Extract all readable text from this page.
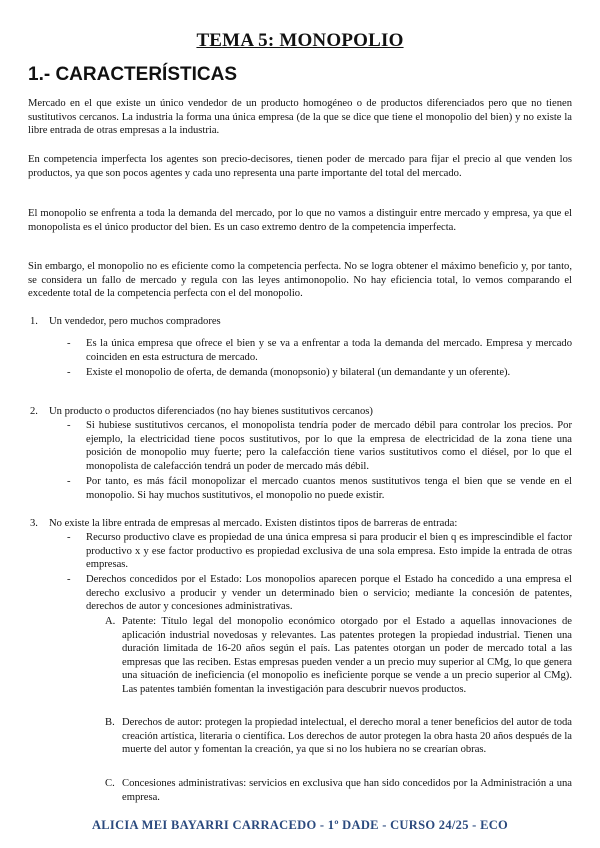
TEMA 5: MONOPOLIO
1.- CARACTERÍSTICAS
Mercado en el que existe un único vendedor de un producto homogéneo o de productos diferenciados pero que no tienen sustitutivos cercanos. La industria la forma una única empresa (de la que se dice que tiene el monopolio del bien) y no existe la libre entrada de otras empresas a la industria.
En competencia imperfecta los agentes son precio-decisores, tienen poder de mercado para fijar el precio al que venden los productos, ya que son pocos agentes y cada uno representa una parte importante del total del mercado.
El monopolio se enfrenta a toda la demanda del mercado, por lo que no vamos a distinguir entre mercado y empresa, ya que el monopolista es el único productor del bien. Es un caso extremo dentro de la competencia imperfecta.
Sin embargo, el monopolio no es eficiente como la competencia perfecta. No se logra obtener el máximo beneficio y, por tanto, se considera un fallo de mercado y regula con las leyes antimonopolio. No hay eficiencia total, lo vemos comparando el excedente total de la competencia perfecta con el del monopolio.
1. Un vendedor, pero muchos compradores
- Es la única empresa que ofrece el bien y se va a enfrentar a toda la demanda del mercado. Empresa y mercado coinciden en esta estructura de mercado.
- Existe el monopolio de oferta, de demanda (monopsonio) y bilateral (un demandante y un oferente).
2. Un producto o productos diferenciados (no hay bienes sustitutivos cercanos)
- Si hubiese sustitutivos cercanos, el monopolista tendría poder de mercado débil para controlar los precios. Por ejemplo, la electricidad tiene pocos sustitutivos, por lo que la empresa de electricidad de la zona tiene una posición de monopolio muy fuerte; pero la calefacción tiene varios sustitutivos como el diésel, por lo que el monopolista de calefacción tendrá un poder de mercado más débil.
- Por tanto, es más fácil monopolizar el mercado cuantos menos sustitutivos tenga el bien que se vende en el monopolio. Si hay muchos sustitutivos, el monopolio no puede existir.
3. No existe la libre entrada de empresas al mercado. Existen distintos tipos de barreras de entrada:
- Recurso productivo clave es propiedad de una única empresa si para producir el bien q es imprescindible el factor productivo x y ese factor productivo es propiedad exclusiva de una sola empresa. Esto impide la entrada de otras empresas.
- Derechos concedidos por el Estado: Los monopolios aparecen porque el Estado ha concedido a una empresa el derecho exclusivo a producir y vender un determinado bien o servicio; mediante la concesión de patentes, derechos de autor y concesiones administrativas.
A. Patente: Título legal del monopolio económico otorgado por el Estado a aquellas innovaciones de aplicación industrial novedosas y relevantes. Las patentes protegen la propiedad industrial. Tienen una duración limitada de 16-20 años según el país. Las patentes otorgan un poder de mercado total a las empresas que las reciben. Estas empresas pueden vender a un precio muy superior al CMg, lo que genera una situación de ineficiencia (el monopolio es ineficiente porque se vende a un precio superior al CMg). Las patentes también fomentan la investigación para descubrir nuevos productos.
B. Derechos de autor: protegen la propiedad intelectual, el derecho moral a tener beneficios del autor de toda creación artística, literaria o científica. Los derechos de autor protegen la obra hasta 20 años después de la muerte del autor y fomentan la creación, ya que si no los hubiera no se crearían obras.
C. Concesiones administrativas: servicios en exclusiva que han sido concedidos por la Administración a una empresa.
ALICIA MEI BAYARRI CARRACEDO - 1º DADE - CURSO 24/25 - ECO
